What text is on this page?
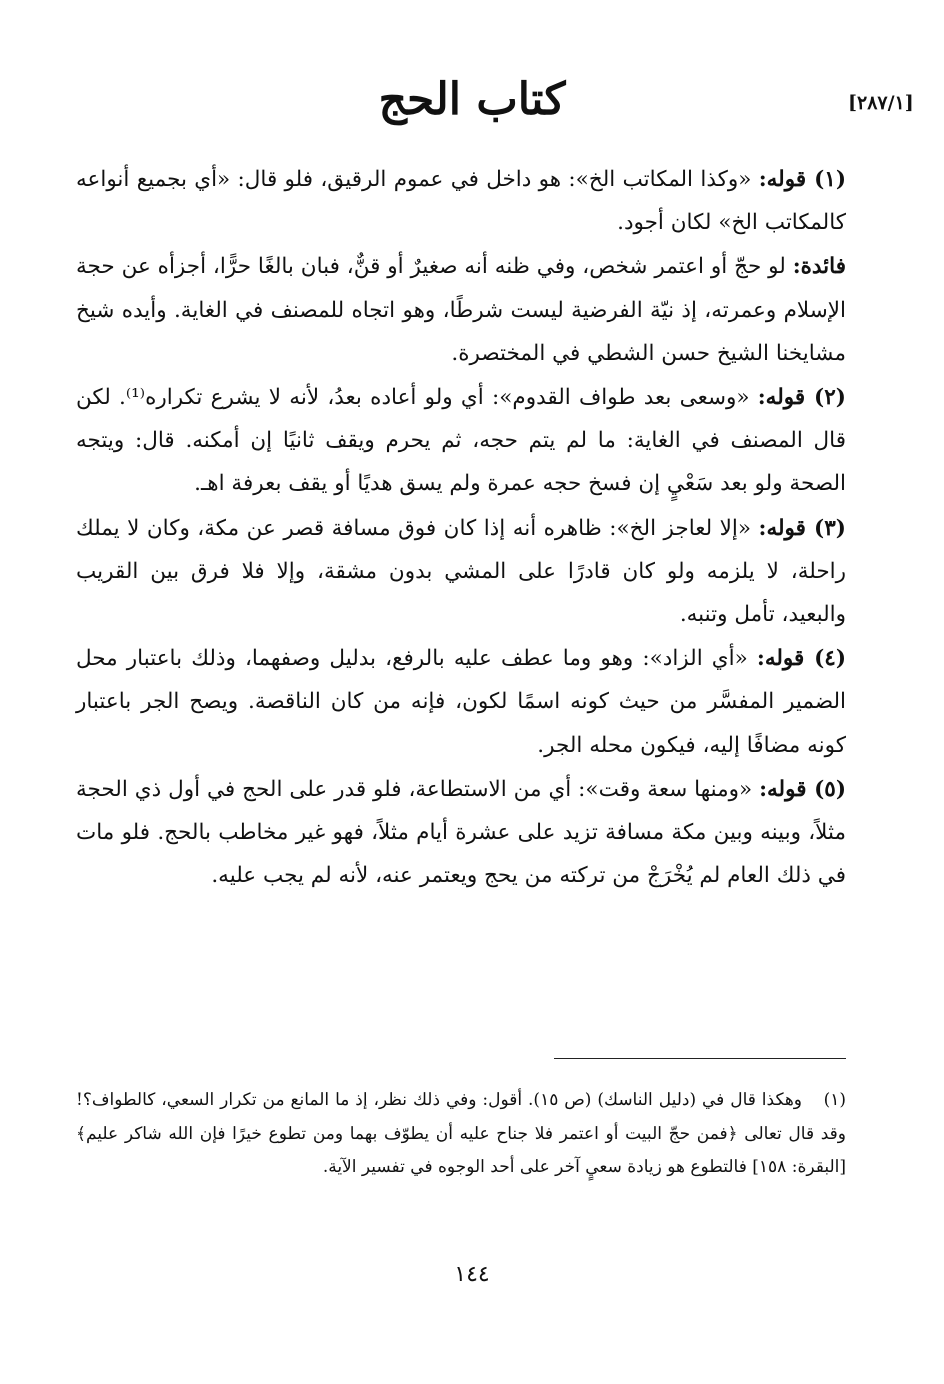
[٢٨٧/١]
كتاب الحج

(١) قوله: «وكذا المكاتب الخ»: هو داخل في عموم الرقيق، فلو قال: «أي بجميع أنواعه كالمكاتب الخ» لكان أجود.

فائدة: لو حجّ أو اعتمر شخص، وفي ظنه أنه صغيرٌ أو قنٌّ، فبان بالغًا حرًّا، أجزأه عن حجة الإسلام وعمرته، إذ نيّة الفرضية ليست شرطًا، وهو اتجاه للمصنف في الغاية. وأيده شيخ مشايخنا الشيخ حسن الشطي في المختصرة.

(٢) قوله: «وسعى بعد طواف القدوم»: أي ولو أعاده بعدُ، لأنه لا يشرع تكراره⁽¹⁾. لكن قال المصنف في الغاية: ما لم يتم حجه، ثم يحرم ويقف ثانيًا إن أمكنه. قال: ويتجه الصحة ولو بعد سَعْيٍ إن فسخ حجه عمرة ولم يسق هديًا أو يقف بعرفة اهـ.

(٣) قوله: «إلا لعاجز الخ»: ظاهره أنه إذا كان فوق مسافة قصر عن مكة، وكان لا يملك راحلة، لا يلزمه ولو كان قادرًا على المشي بدون مشقة، وإلا فلا فرق بين القريب والبعيد، تأمل وتنبه.

(٤) قوله: «أي الزاد»: وهو وما عطف عليه بالرفع، بدليل وصفهما، وذلك باعتبار محل الضمير المفسَّر من حيث كونه اسمًا لكون، فإنه من كان الناقصة. ويصح الجر باعتبار كونه مضافًا إليه، فيكون محله الجر.

(٥) قوله: «ومنها سعة وقت»: أي من الاستطاعة، فلو قدر على الحج في أول ذي الحجة مثلاً، وبينه وبين مكة مسافة تزيد على عشرة أيام مثلاً، فهو غير مخاطب بالحج. فلو مات في ذلك العام لم يُخْرَجْ من تركته من يحج ويعتمر عنه، لأنه لم يجب عليه.

(١)وهكذا قال في (دليل الناسك) (ص ١٥). أقول: وفي ذلك نظر، إذ ما المانع من تكرار السعي، كالطواف؟! وقد قال تعالى ﴿فمن حجّ البيت أو اعتمر فلا جناح عليه أن يطوّف بهما ومن تطوع خيرًا فإن الله شاكر عليم﴾ [البقرة: ١٥٨] فالتطوع هو زيادة سعيٍ آخر على أحد الوجوه في تفسير الآية.
١٤٤
